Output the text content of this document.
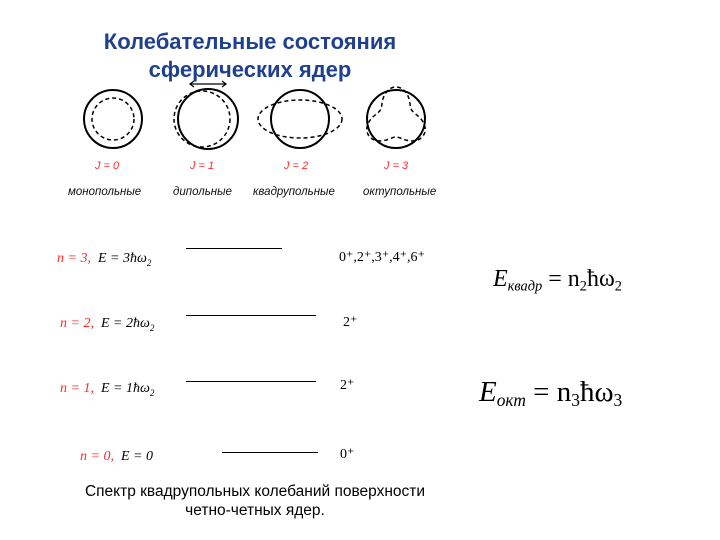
Колебательные состояния
сферических ядер
J = 0	J = 1	J = 2	J = 3
монопольные	дипольные квадрупольные октупольные
n = 3, $E = 3ħ\omega_2$	0⁺,2⁺,3⁺,4⁺,6⁺
n = 2, $E = 2ħ\omega_2$	2⁺
n = 1, $E = 1ħ\omega_2$	2⁺
n = 0, E = 0	0⁺
$E_{квадр}$ = $n_2ħ\omega_2$
$E_{окт}$ = $n_3ħ\omega_3$
Спектр квадрупольных колебаний поверхности
четно-четных ядер.
